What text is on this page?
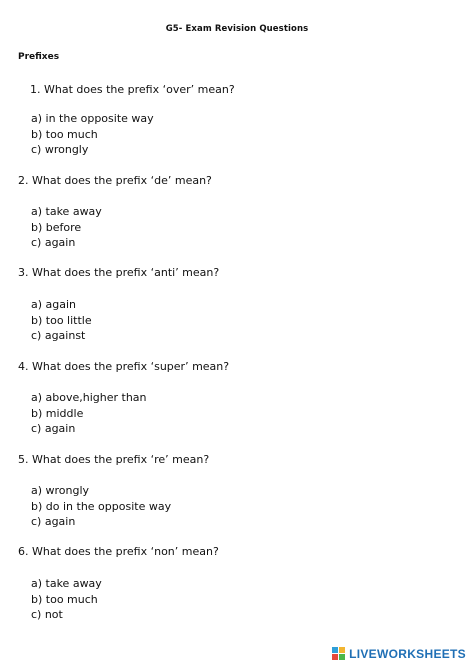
G5- Exam Revision Questions
Prefixes
1. What does the prefix ‘over’ mean?
a) in the opposite way
b) too much
c) wrongly
2. What does the prefix ‘de’ mean?
a) take away
b) before
c) again
3. What does the prefix ‘anti’ mean?
a) again
b) too little
c) against
4. What does the prefix ‘super’ mean?
a) above,higher than
b) middle
c) again
5. What does the prefix ‘re’ mean?
a) wrongly
b) do in the opposite way
c) again
6. What does the prefix ‘non’ mean?
a) take away
b) too much
c) not
LIVEWORKSHEETS
